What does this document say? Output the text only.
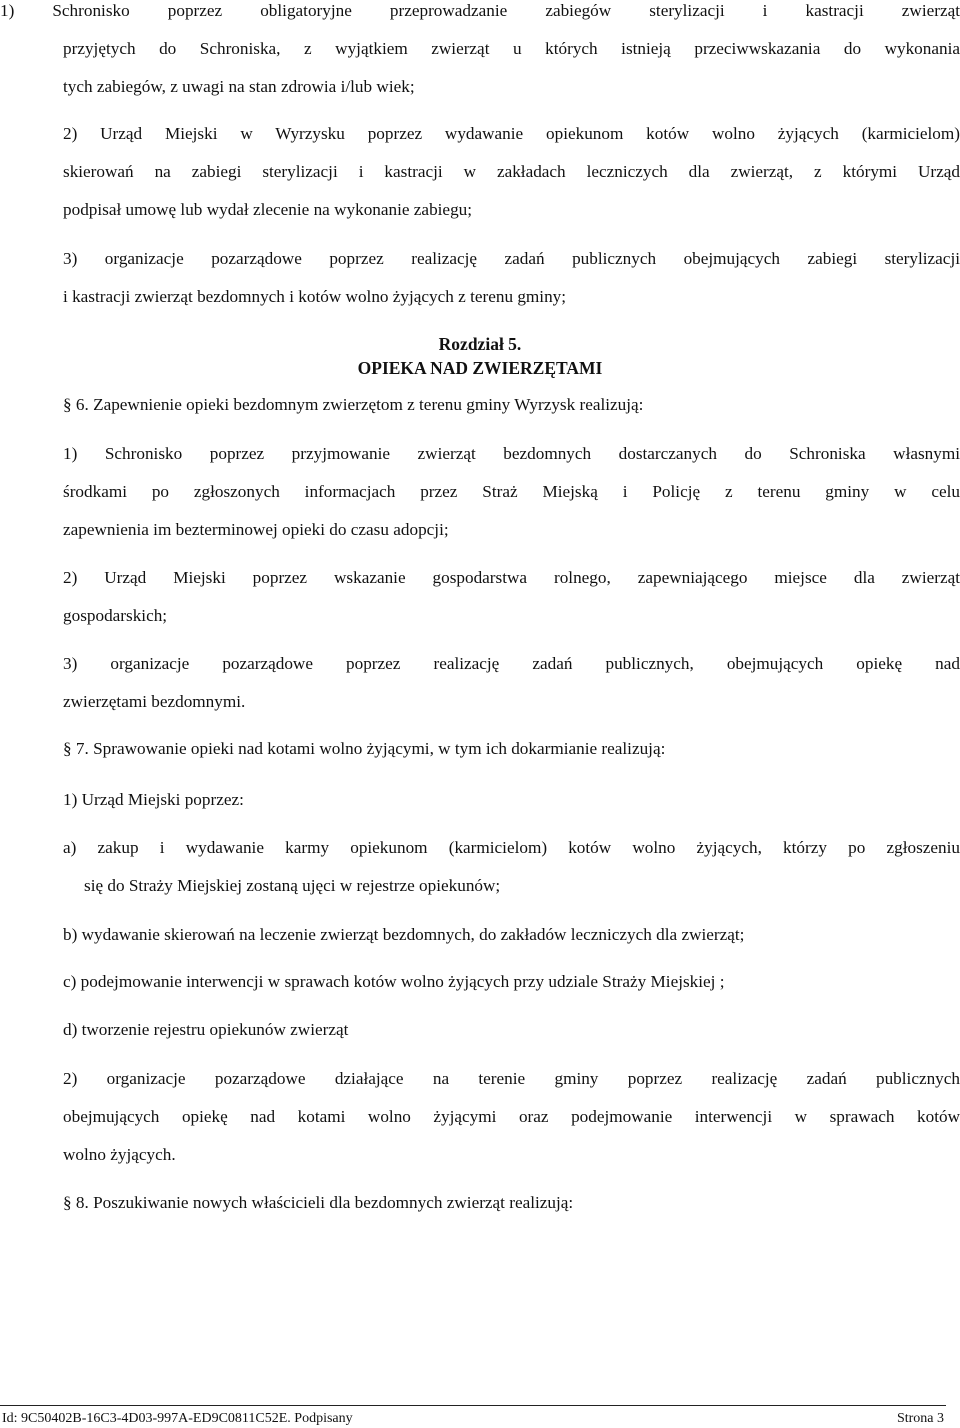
1) Schronisko poprzez obligatoryjne przeprowadzanie zabiegów sterylizacji i kastracji zwierząt
przyjętych do Schroniska, z wyjątkiem zwierząt u których istnieją przeciwwskazania do wykonania
tych zabiegów, z uwagi na stan zdrowia i/lub wiek;
2) Urząd Miejski w Wyrzysku poprzez wydawanie opiekunom kotów wolno żyjących (karmicielom)
skierowań na zabiegi sterylizacji i kastracji w zakładach leczniczych dla zwierząt, z którymi Urząd
podpisał umowę lub wydał zlecenie na wykonanie zabiegu;
3) organizacje pozarządowe poprzez realizację zadań publicznych obejmujących zabiegi sterylizacji
i kastracji zwierząt bezdomnych i kotów wolno żyjących z terenu gminy;
Rozdział 5.
OPIEKA NAD ZWIERZĘTAMI
§ 6. Zapewnienie opieki bezdomnym zwierzętom z terenu gminy Wyrzysk realizują:
1) Schronisko poprzez przyjmowanie zwierząt bezdomnych dostarczanych do Schroniska własnymi
środkami po zgłoszonych informacjach przez Straż Miejską i Policję z terenu gminy w celu
zapewnienia im bezterminowej opieki do czasu adopcji;
2) Urząd Miejski poprzez wskazanie gospodarstwa rolnego, zapewniającego miejsce dla zwierząt
gospodarskich;
3) organizacje pozarządowe poprzez realizację zadań publicznych, obejmujących opiekę nad
zwierzętami bezdomnymi.
§ 7. Sprawowanie opieki nad kotami wolno żyjącymi, w tym ich dokarmianie realizują:
1) Urząd Miejski poprzez:
a) zakup i wydawanie karmy opiekunom (karmicielom) kotów wolno żyjących, którzy po zgłoszeniu
się do Straży Miejskiej zostaną ujęci w rejestrze opiekunów;
b) wydawanie skierowań na leczenie zwierząt bezdomnych, do zakładów leczniczych dla zwierząt;
c) podejmowanie interwencji w sprawach kotów wolno żyjących przy udziale Straży Miejskiej ;
d) tworzenie rejestru opiekunów zwierząt
2) organizacje pozarządowe działające na terenie gminy poprzez realizację zadań publicznych
obejmujących opiekę nad kotami wolno żyjącymi oraz podejmowanie interwencji w sprawach kotów
wolno żyjących.
§ 8. Poszukiwanie nowych właścicieli dla bezdomnych zwierząt realizują:
Id: 9C50402B-16C3-4D03-997A-ED9C0811C52E. Podpisany	Strona 3
